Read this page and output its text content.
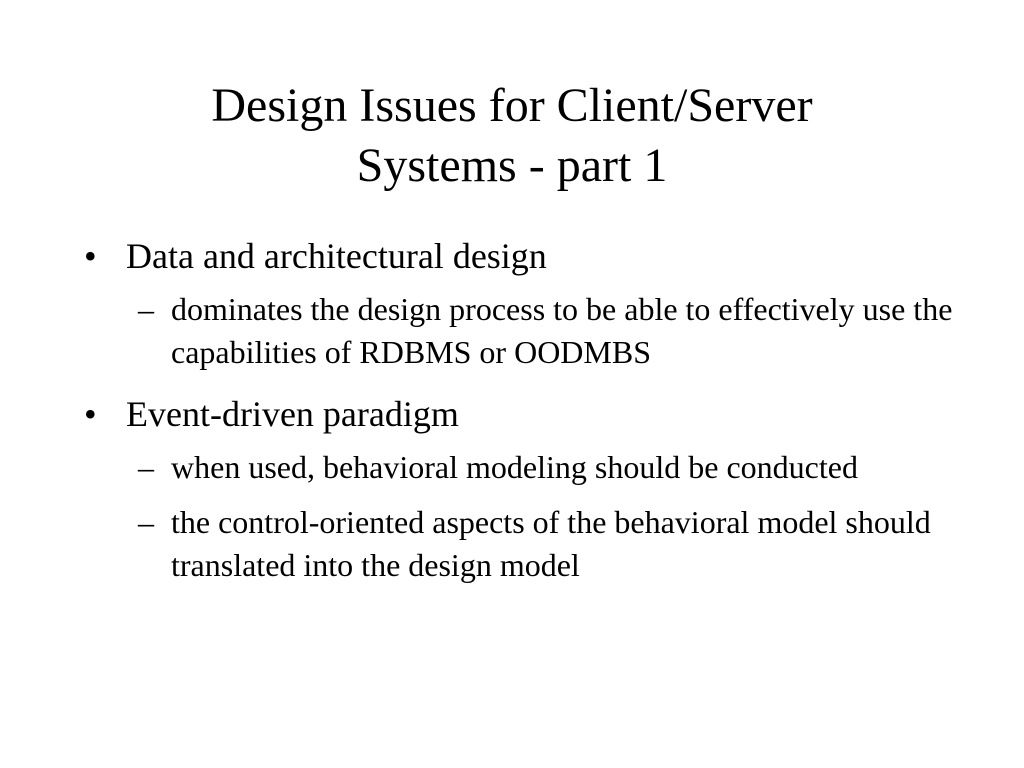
Design Issues for Client/Server
Systems - part 1
• Data and architectural design
– dominates the design process to be able to effectively use the capabilities of RDBMS or OODMBS
• Event-driven paradigm
– when used, behavioral modeling should be conducted
– the control-oriented aspects of the behavioral model should translated into the design model
